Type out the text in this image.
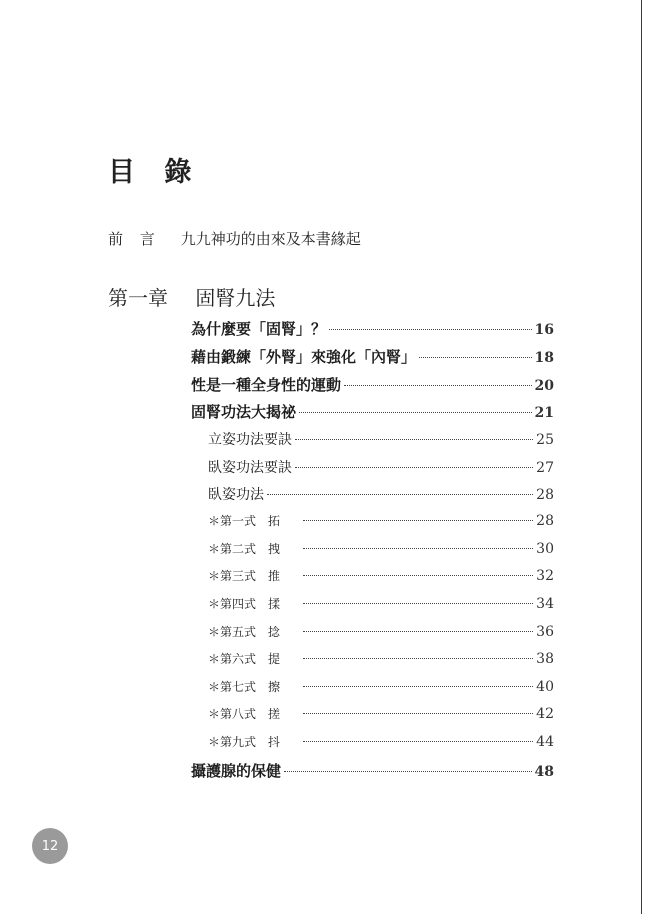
目 錄
前 言 九九神功的由來及本書緣起
第一章 固腎九法
為什麼要「固腎」？	16
藉由鍛練「外腎」來強化「內腎」	18
性是一種全身性的運動	20
固腎功法大揭祕	21
立姿功法要訣	25
臥姿功法要訣	27
臥姿功法	28
＊第一式　拓	28
＊第二式　拽	30
＊第三式　推	32
＊第四式　揉	34
＊第五式　捻	36
＊第六式　提	38
＊第七式　擦	40
＊第八式　搓	42
＊第九式　抖	44
攝護腺的保健	48
12
